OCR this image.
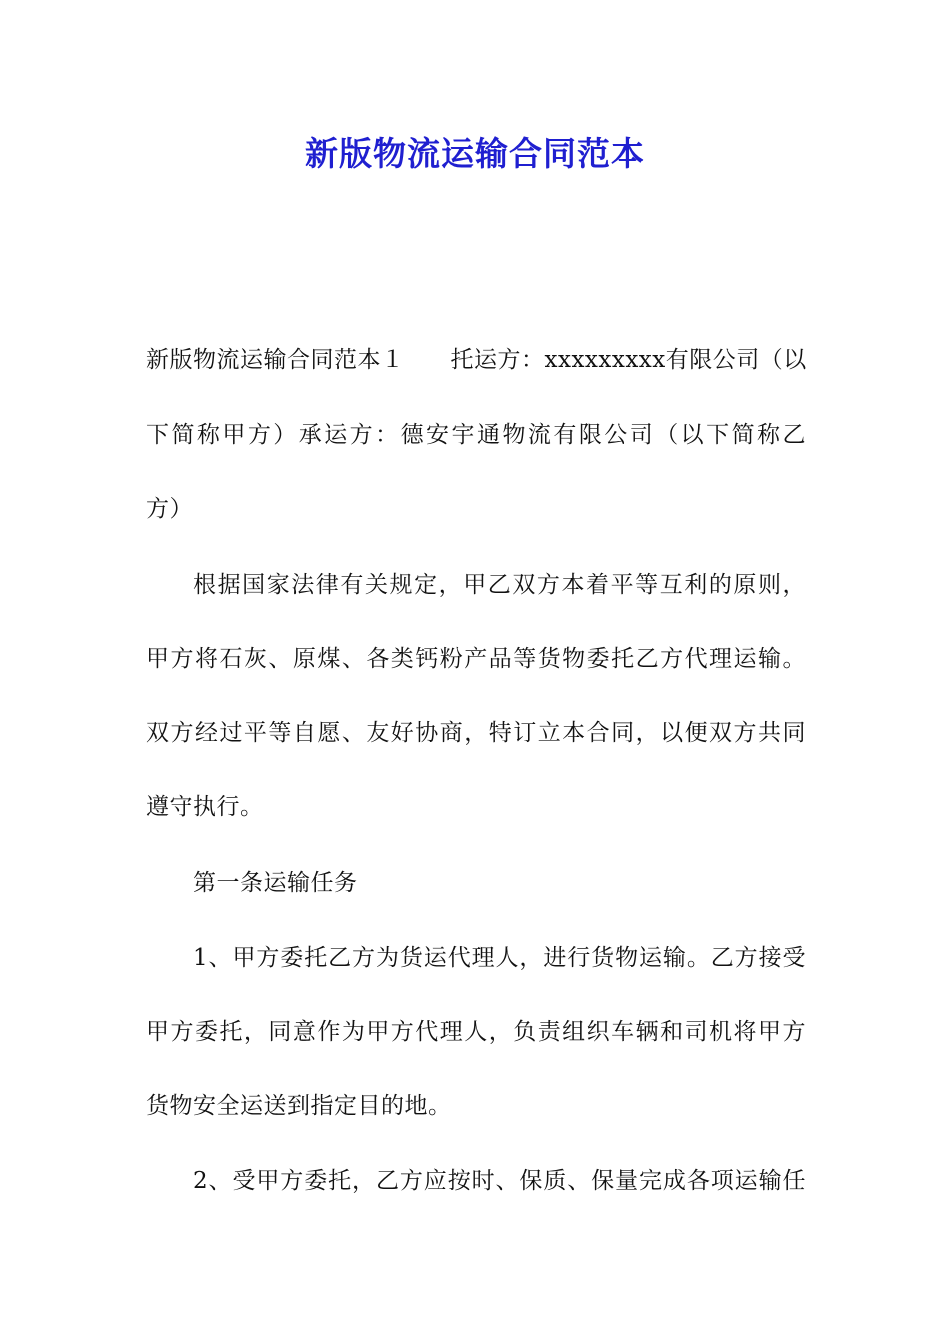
新版物流运输合同范本
新版物流运输合同范本１ 托运方：xxxxxxxxx有限公司（以
下简称甲方）承运方：德安宇通物流有限公司（以下简称乙
方）
根据国家法律有关规定，甲乙双方本着平等互利的原则，
甲方将石灰、原煤、各类钙粉产品等货物委托乙方代理运输。
双方经过平等自愿、友好协商，特订立本合同，以便双方共同
遵守执行。
第一条运输任务
1、甲方委托乙方为货运代理人，进行货物运输。乙方接受
甲方委托，同意作为甲方代理人，负责组织车辆和司机将甲方
货物安全运送到指定目的地。
2、受甲方委托，乙方应按时、保质、保量完成各项运输任
